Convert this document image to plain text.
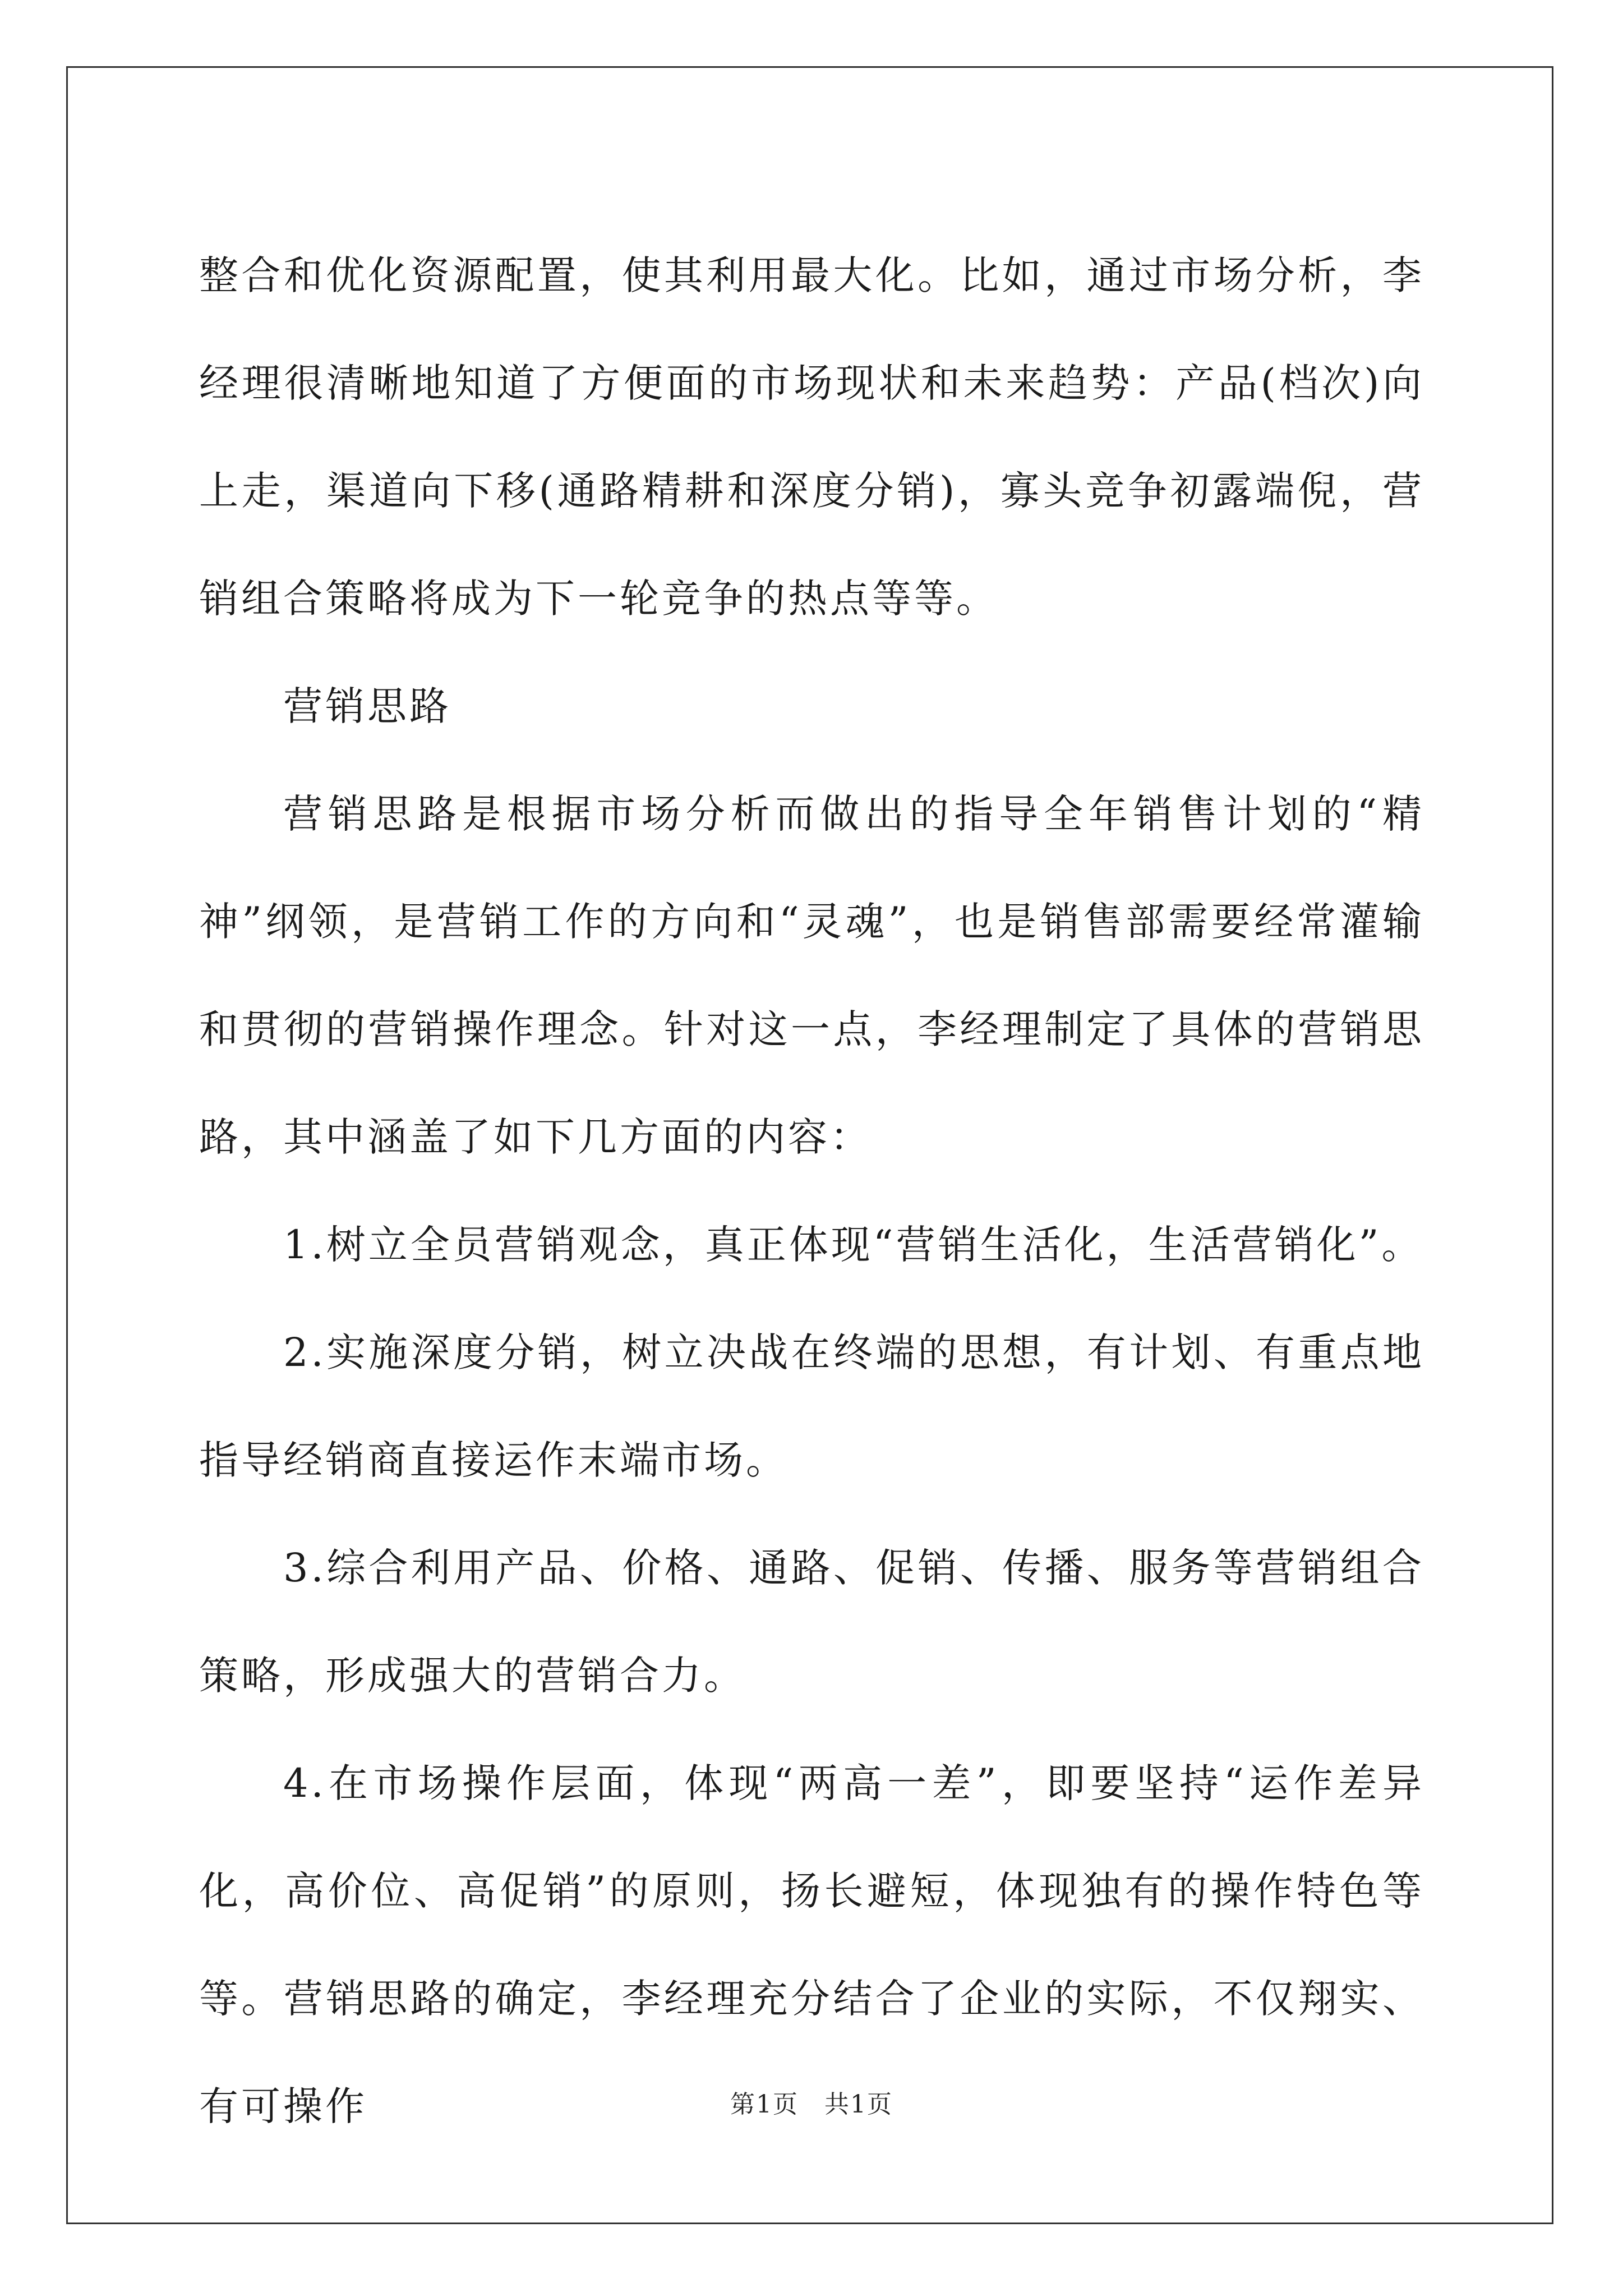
整合和优化资源配置，使其利用最大化。比如，通过市场分析，李经理很清晰地知道了方便面的市场现状和未来趋势：产品(档次)向上走，渠道向下移(通路精耕和深度分销)，寡头竞争初露端倪，营销组合策略将成为下一轮竞争的热点等等。

营销思路

营销思路是根据市场分析而做出的指导全年销售计划的“精神”纲领，是营销工作的方向和“灵魂”，也是销售部需要经常灌输和贯彻的营销操作理念。针对这一点，李经理制定了具体的营销思路，其中涵盖了如下几方面的内容：

1.树立全员营销观念，真正体现“营销生活化，生活营销化”。

2.实施深度分销，树立决战在终端的思想，有计划、有重点地指导经销商直接运作末端市场。

3.综合利用产品、价格、通路、促销、传播、服务等营销组合策略，形成强大的营销合力。

4.在市场操作层面，体现“两高一差”，即要坚持“运作差异化，高价位、高促销”的原则，扬长避短，体现独有的操作特色等等。营销思路的确定，李经理充分结合了企业的实际，不仅翔实、有可操作	第1页 共1页
